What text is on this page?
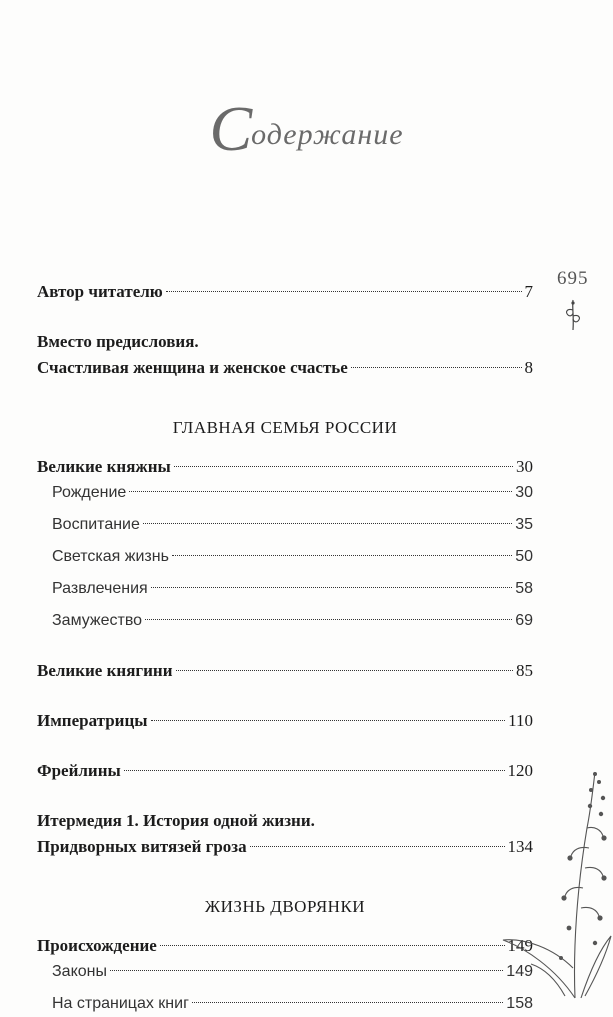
Содержание
695
Автор читателю	7
Вместо предисловия.
Счастливая женщина и женское счастье	8
ГЛАВНАЯ СЕМЬЯ РОССИИ
Великие княжны	30
Рождение	30
Воспитание	35
Светская жизнь	50
Развлечения	58
Замужество	69
Великие княгини	85
Императрицы	110
Фрейлины	120
Итермедия 1. История одной жизни.
Придворных витязей гроза	134
ЖИЗНЬ ДВОРЯНКИ
Происхождение	149
Законы	149
На страницах книг	158
